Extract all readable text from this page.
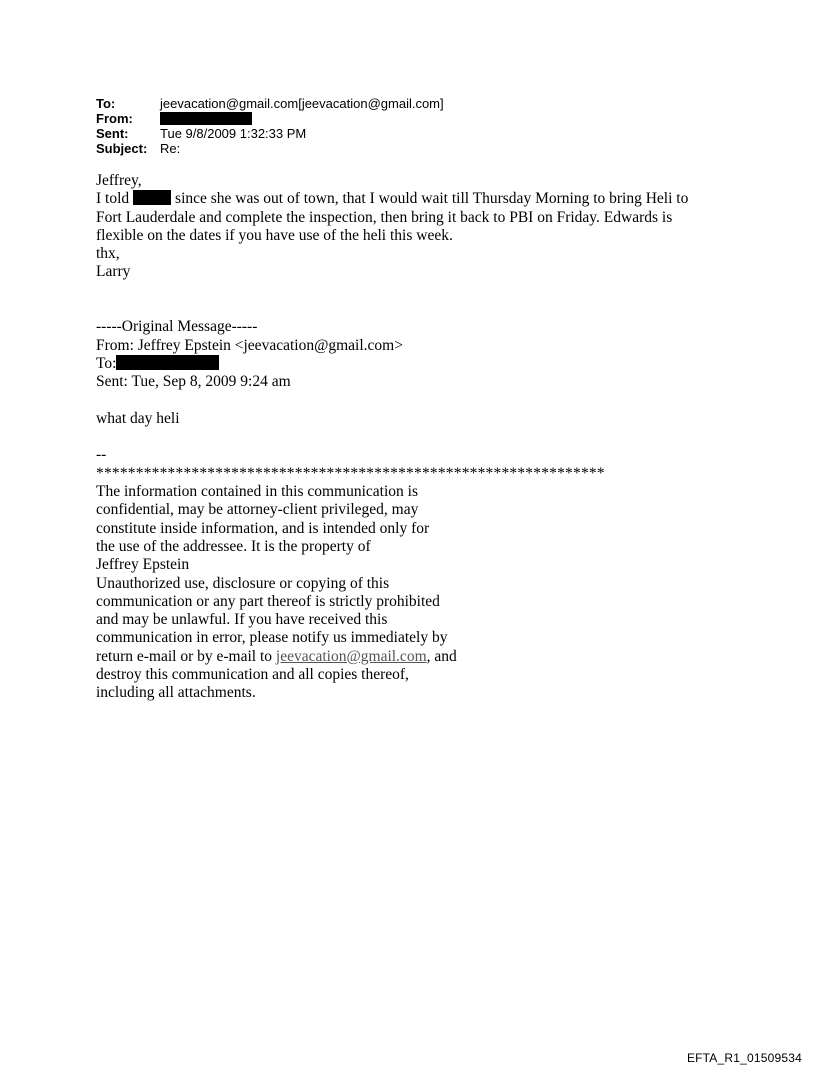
To:	jeevacation@gmail.com[jeevacation@gmail.com]
From:
Sent:	Tue 9/8/2009 1:32:33 PM
Subject: Re:
Jeffrey,
I told	since she was out of town, that I would wait till Thursday Morning to bring Heli to
Fort Lauderdale and complete the inspection, then bring it back to PBI on Friday. Edwards is
flexible on the dates if you have use of the heli this week.
thx,
Larry
-----Original Message-----
From: Jeffrey Epstein <jeevacation@gmail.com>
To:
Sent: Tue, Sep 8, 2009 9:24 am
what day heli
--
****************************************************************
The information contained in this communication is
confidential, may be attorney-client privileged, may
constitute inside information, and is intended only for
the use of the addressee. It is the property of
Jeffrey Epstein
Unauthorized use, disclosure or copying of this
communication or any part thereof is strictly prohibited
and may be unlawful. If you have received this
communication in error, please notify us immediately by
return e-mail or by e-mail to jeevacation@gmail.com, and
destroy this communication and all copies thereof,
including all attachments.
EFTA_R1_01509534
